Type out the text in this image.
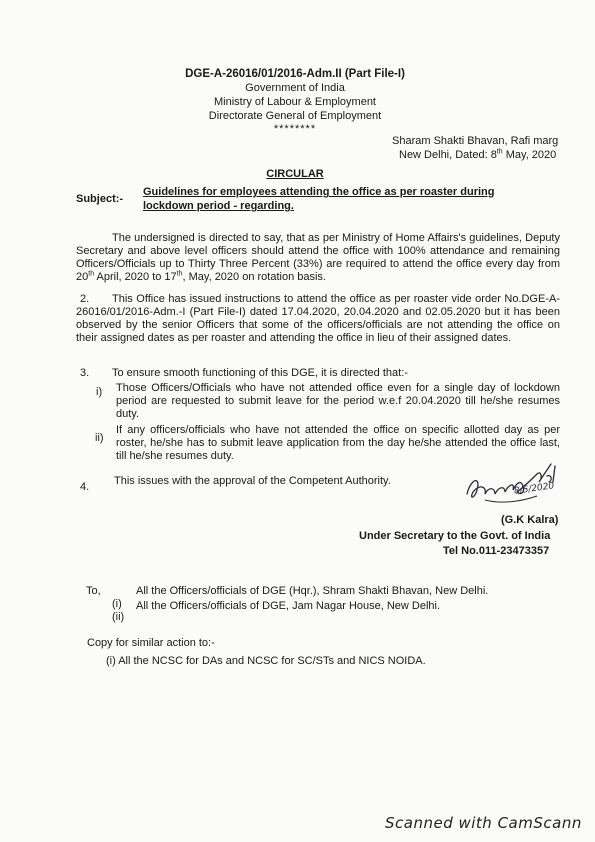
DGE-A-26016/01/2016-Adm.II (Part File-I)
Government of India
Ministry of Labour & Employment
Directorate General of Employment
********
Sharam Shakti Bhavan, Rafi marg
New Delhi, Dated: 8th May, 2020
CIRCULAR
Subject:-
Guidelines for employees attending the office as per roaster during
lockdown period - regarding.

The undersigned is directed to say, that as per Ministry of Home Affairs's guidelines, Deputy Secretary and above level officers should attend the office with 100% attendance and remaining Officers/Officials up to Thirty Three Percent (33%) are required to attend the office every day from 20th April, 2020 to 17th, May, 2020 on rotation basis.

2.	This Office has issued instructions to attend the office as per roaster vide order No.DGE-A-26016/01/2016-Adm.-I (Part File-I) dated 17.04.2020, 20.04.2020 and 02.05.2020 but it has been observed by the senior Officers that some of the officers/officials are not attending the office on their assigned dates as per roaster and attending the office in lieu of their assigned dates.

3. To ensure smooth functioning of this DGE, it is directed that:-
i) Those Officers/Officials who have not attended office even for a single day of lockdown period are requested to submit leave for the period w.e.f 20.04.2020 till he/she resumes duty.

ii)

If any officers/officials who have not attended the office on specific allotted day as per roster, he/she has to submit leave application from the day he/she attended the office last, till he/she resumes duty.

4. This issues with the approval of the Competent Authority.
8/5/2020
(G.K Kalra)
Under Secretary to the Govt. of India
Tel No.011-23473357
To,
(i)
All the Officers/officials of DGE (Hqr.), Shram Shakti Bhavan, New Delhi.
(ii)
All the Officers/officials of DGE, Jam Nagar House, New Delhi.
Copy for similar action to:-
(i) All the NCSC for DAs and NCSC for SC/STs and NICS NOIDA.
Scanned with CamScann
